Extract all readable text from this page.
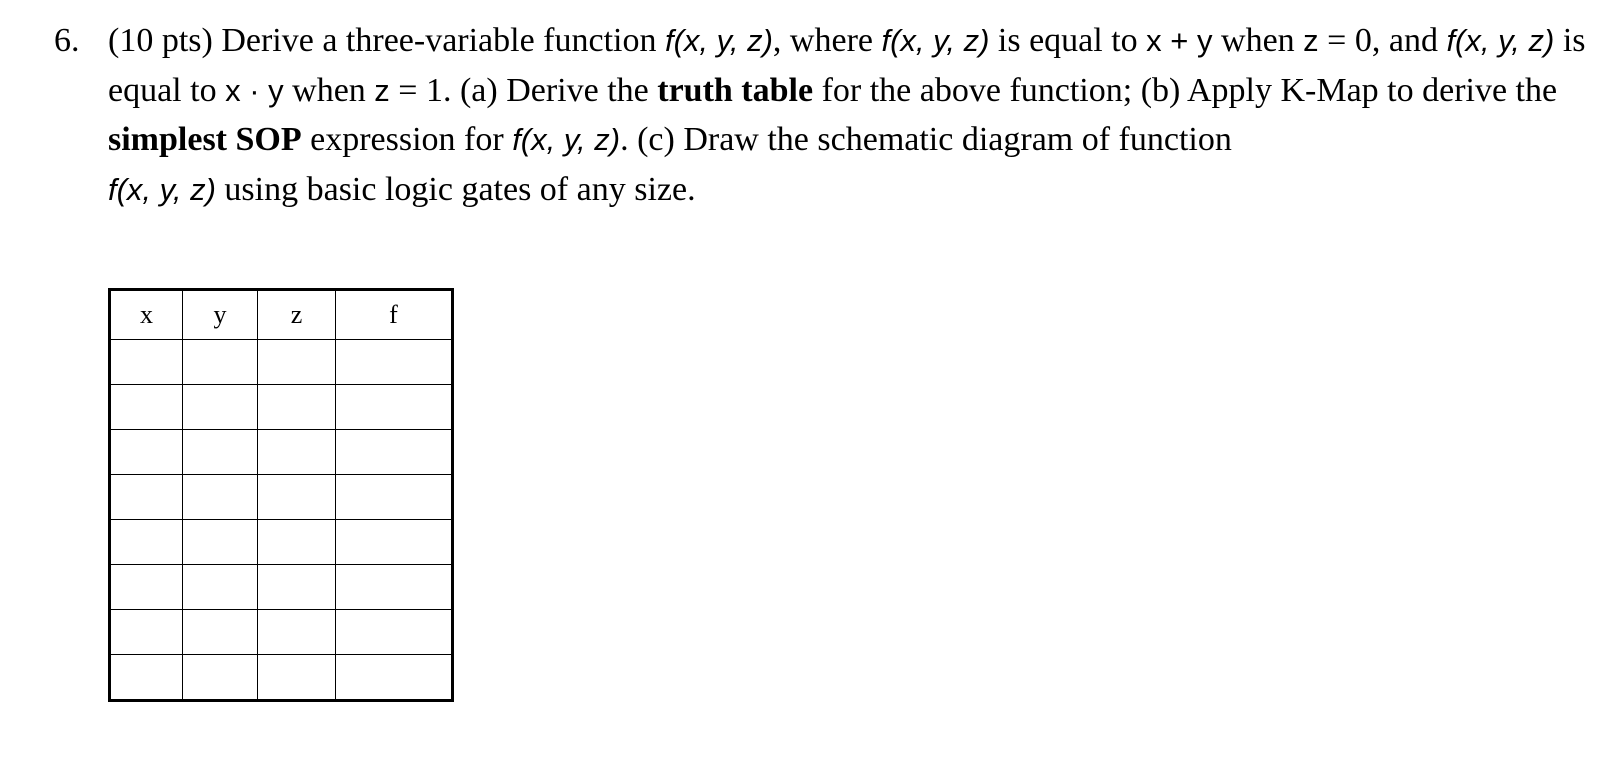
6. (10 pts) Derive a three-variable function f(x, y, z), where f(x, y, z) is equal to x + y when z = 0, and f(x, y, z) is equal to x · y when z = 1. (a) Derive the truth table for the above function; (b) Apply K-Map to derive the simplest SOP expression for f(x, y, z). (c) Draw the schematic diagram of function
f(x, y, z) using basic logic gates of any size.
x	y	z	f
